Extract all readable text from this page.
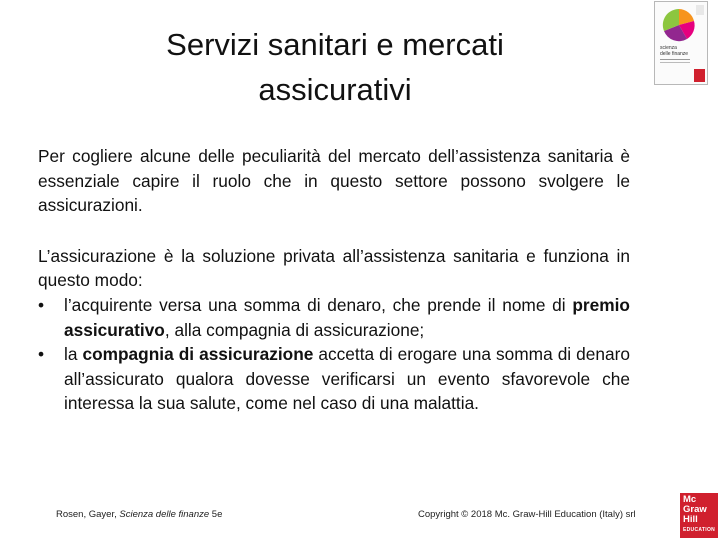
Servizi sanitari e mercati
assicurativi
scienza
delle finanze

Per cogliere alcune delle peculiarità del mercato dell’assistenza sanitaria è essenziale capire il ruolo che in questo settore possono svolgere le assicurazioni.

L’assicurazione è la soluzione privata all’assistenza sanitaria e funziona in questo modo:

• l’acquirente versa una somma di denaro, che prende il nome di premio assicurativo, alla compagnia di assicurazione;
• la compagnia di assicurazione accetta di erogare una somma di denaro all’assicurato qualora dovesse verificarsi un evento sfavorevole che interessa la sua salute, come nel caso di una malattia.
Rosen, Gayer, Scienza delle finanze 5e	Copyright © 2018 Mc. Graw-Hill Education (Italy) srl
Mc
Graw
Hill
EDUCATION
